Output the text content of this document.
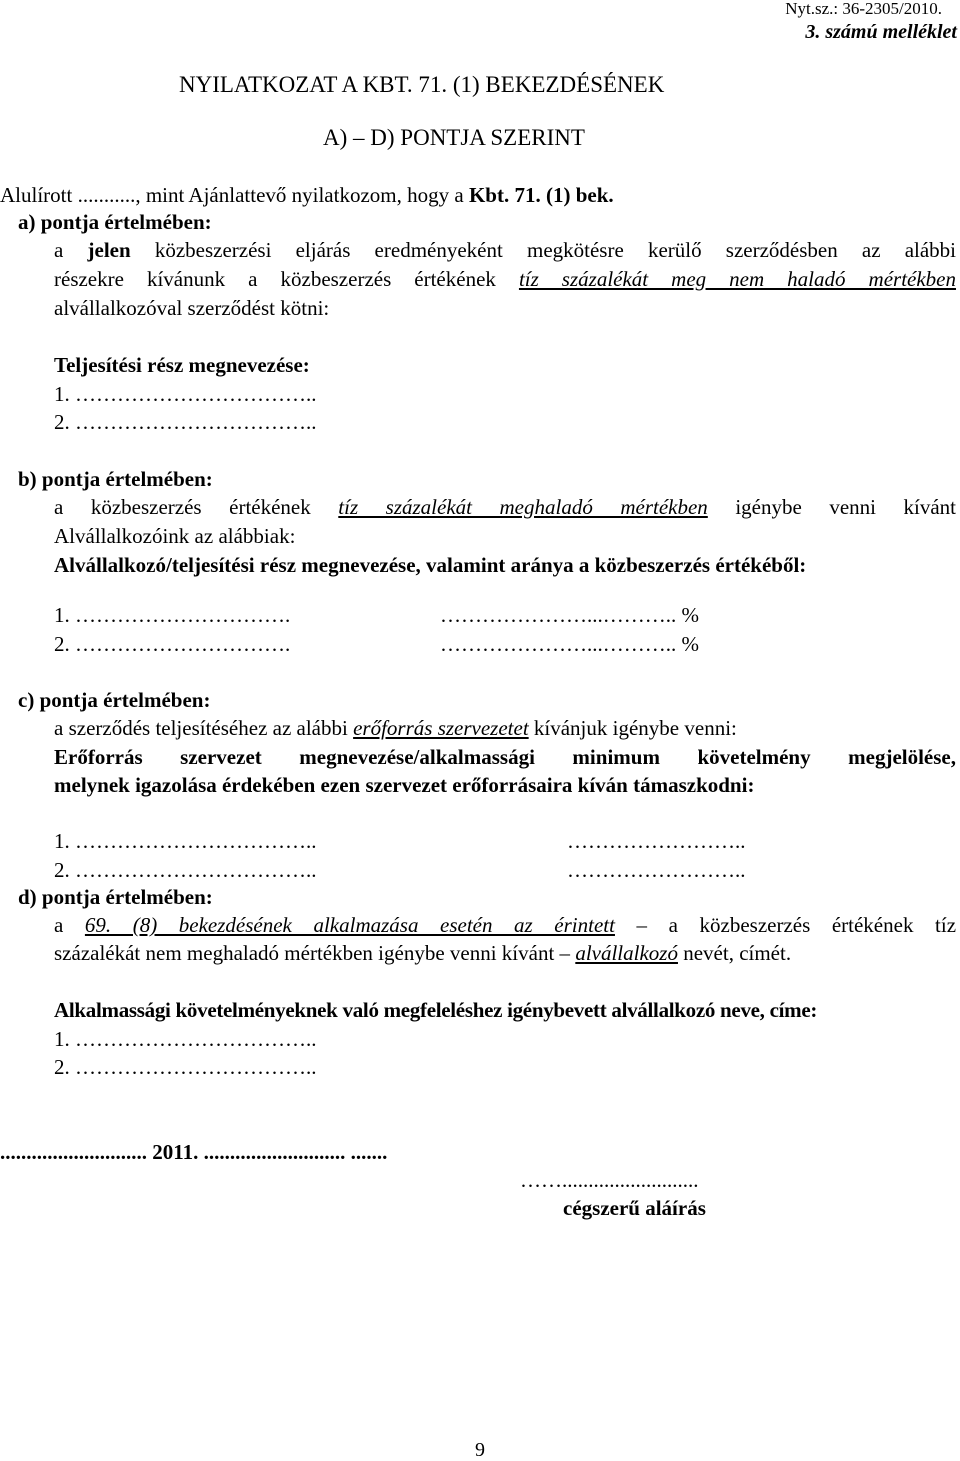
Nyt.sz.: 36-2305/2010.
3. számú melléklet
NYILATKOZAT A KBT. 71. (1) BEKEZDÉSÉNEK
A) – D) PONTJA SZERINT
Alulírott ..........., mint Ajánlattevő nyilatkozom, hogy a Kbt. 71. (1) bek.
a) pontja értelmében:
a jelen közbeszerzési eljárás eredményeként megkötésre kerülő szerződésben az alábbi
részekre kívánunk a közbeszerzés értékének tíz százalékát meg nem haladó mértékben
alvállalkozóval szerződést kötni:
Teljesítési rész megnevezése:
1. ……………………………..
2. ……………………………..
b) pontja értelmében:
a közbeszerzés értékének tíz százalékát meghaladó mértékben igénybe venni kívánt
Alvállalkozóink az alábbiak:
Alvállalkozó/teljesítési rész megnevezése, valamint aránya a közbeszerzés értékéből:
1. ………………………….	…………………...……….. %
2. ………………………….	…………………...……….. %
c) pontja értelmében:
a szerződés teljesítéséhez az alábbi erőforrás szervezetet kívánjuk igénybe venni:
Erőforrás szervezet megnevezése/alkalmassági minimum követelmény megjelölése,
melynek igazolása érdekében ezen szervezet erőforrásaira kíván támaszkodni:
1. ……………………………..	……………………..
2. ……………………………..	……………………..
d) pontja értelmében:
a 69. (8) bekezdésének alkalmazása esetén az érintett – a közbeszerzés értékének tíz
százalékát nem meghaladó mértékben igénybe venni kívánt – alvállalkozó nevét, címét.
Alkalmassági követelményeknek való megfeleléshez igénybevett alvállalkozó neve, címe:
1. ……………………………..
2. ……………………………..
............................ 2011. ........................... .......
……..........................
cégszerű aláírás
9
